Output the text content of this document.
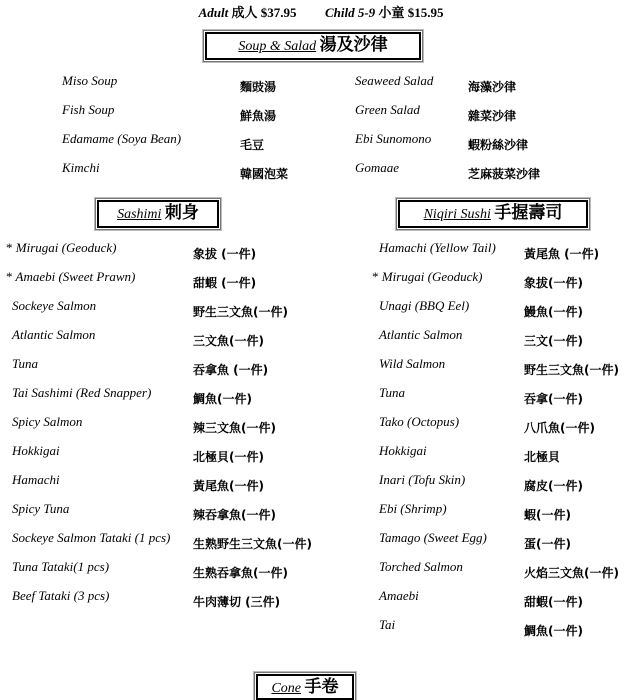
Adult 成人 $37.95 Child 5-9 小童 $15.95
Soup & Salad 湯及沙律
Miso Soup	麵豉湯
Fish Soup	鮮魚湯
Edamame (Soya Bean)	毛豆
Kimchi	韓國泡菜
Seaweed Salad	海藻沙律
Green Salad	雜菜沙律
Ebi Sunomono	蝦粉絲沙律
Gomaae	芝麻菠菜沙律
Sashimi 刺身	Niqiri Sushi 手握壽司
* Mirugai (Geoduck)	象拔 (一件)
* Amaebi (Sweet Prawn)	甜蝦 (一件)
Sockeye Salmon	野生三文魚(一件)
Atlantic Salmon	三文魚(一件)
Tuna	吞拿魚 (一件)
Tai Sashimi (Red Snapper)	鯛魚(一件)
Spicy Salmon	辣三文魚(一件)
Hokkigai	北極貝(一件)
Hamachi	黃尾魚(一件)
Spicy Tuna	辣吞拿魚(一件)
Sockeye Salmon Tataki (1 pcs) 生熟野生三文魚(一件)
Tuna Tataki(1 pcs)	生熟吞拿魚(一件)
Beef Tataki (3 pcs)	牛肉薄切 (三件)
Hamachi (Yellow Tail) 黃尾魚 (一件)
* Mirugai (Geoduck)	象拔(一件)
Unagi (BBQ Eel)	鰻魚(一件)
Atlantic Salmon	三文(一件)
Wild Salmon	野生三文魚(一件)
Tuna	吞拿(一件)
Tako (Octopus)	八爪魚(一件)
Hokkigai	北極貝
Inari (Tofu Skin)	腐皮(一件)
Ebi (Shrimp)	蝦(一件)
Tamago (Sweet Egg)	蛋(一件)
Torched Salmon	火焰三文魚(一件)
Amaebi	甜蝦(一件)
Tai	鯛魚(一件)
Cone 手卷
